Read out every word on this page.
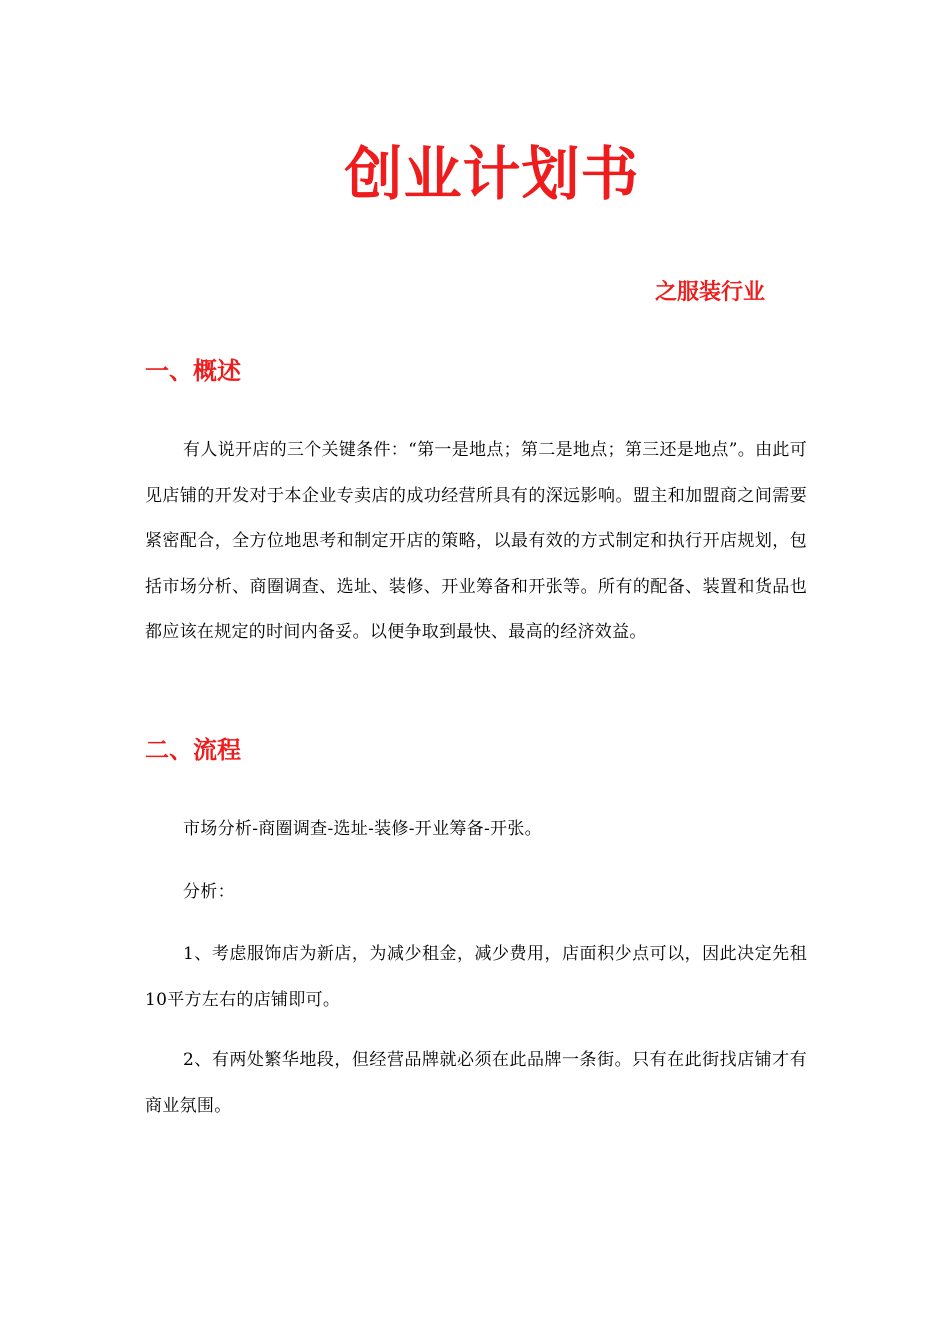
创业计划书
之服装行业
一、概述
有人说开店的三个关键条件：“第一是地点；第二是地点；第三还是地点”。由此可见店铺的开发对于本企业专卖店的成功经营所具有的深远影响。盟主和加盟商之间需要紧密配合，全方位地思考和制定开店的策略，以最有效的方式制定和执行开店规划，包括市场分析、商圈调查、选址、装修、开业筹备和开张等。所有的配备、装置和货品也都应该在规定的时间内备妥。以便争取到最快、最高的经济效益。
二、流程
市场分析-商圈调查-选址-装修-开业筹备-开张。
分析：
1、考虑服饰店为新店，为减少租金，减少费用，店面积少点可以，因此决定先租10平方左右的店铺即可。
2、有两处繁华地段，但经营品牌就必须在此品牌一条街。只有在此街找店铺才有商业氛围。
